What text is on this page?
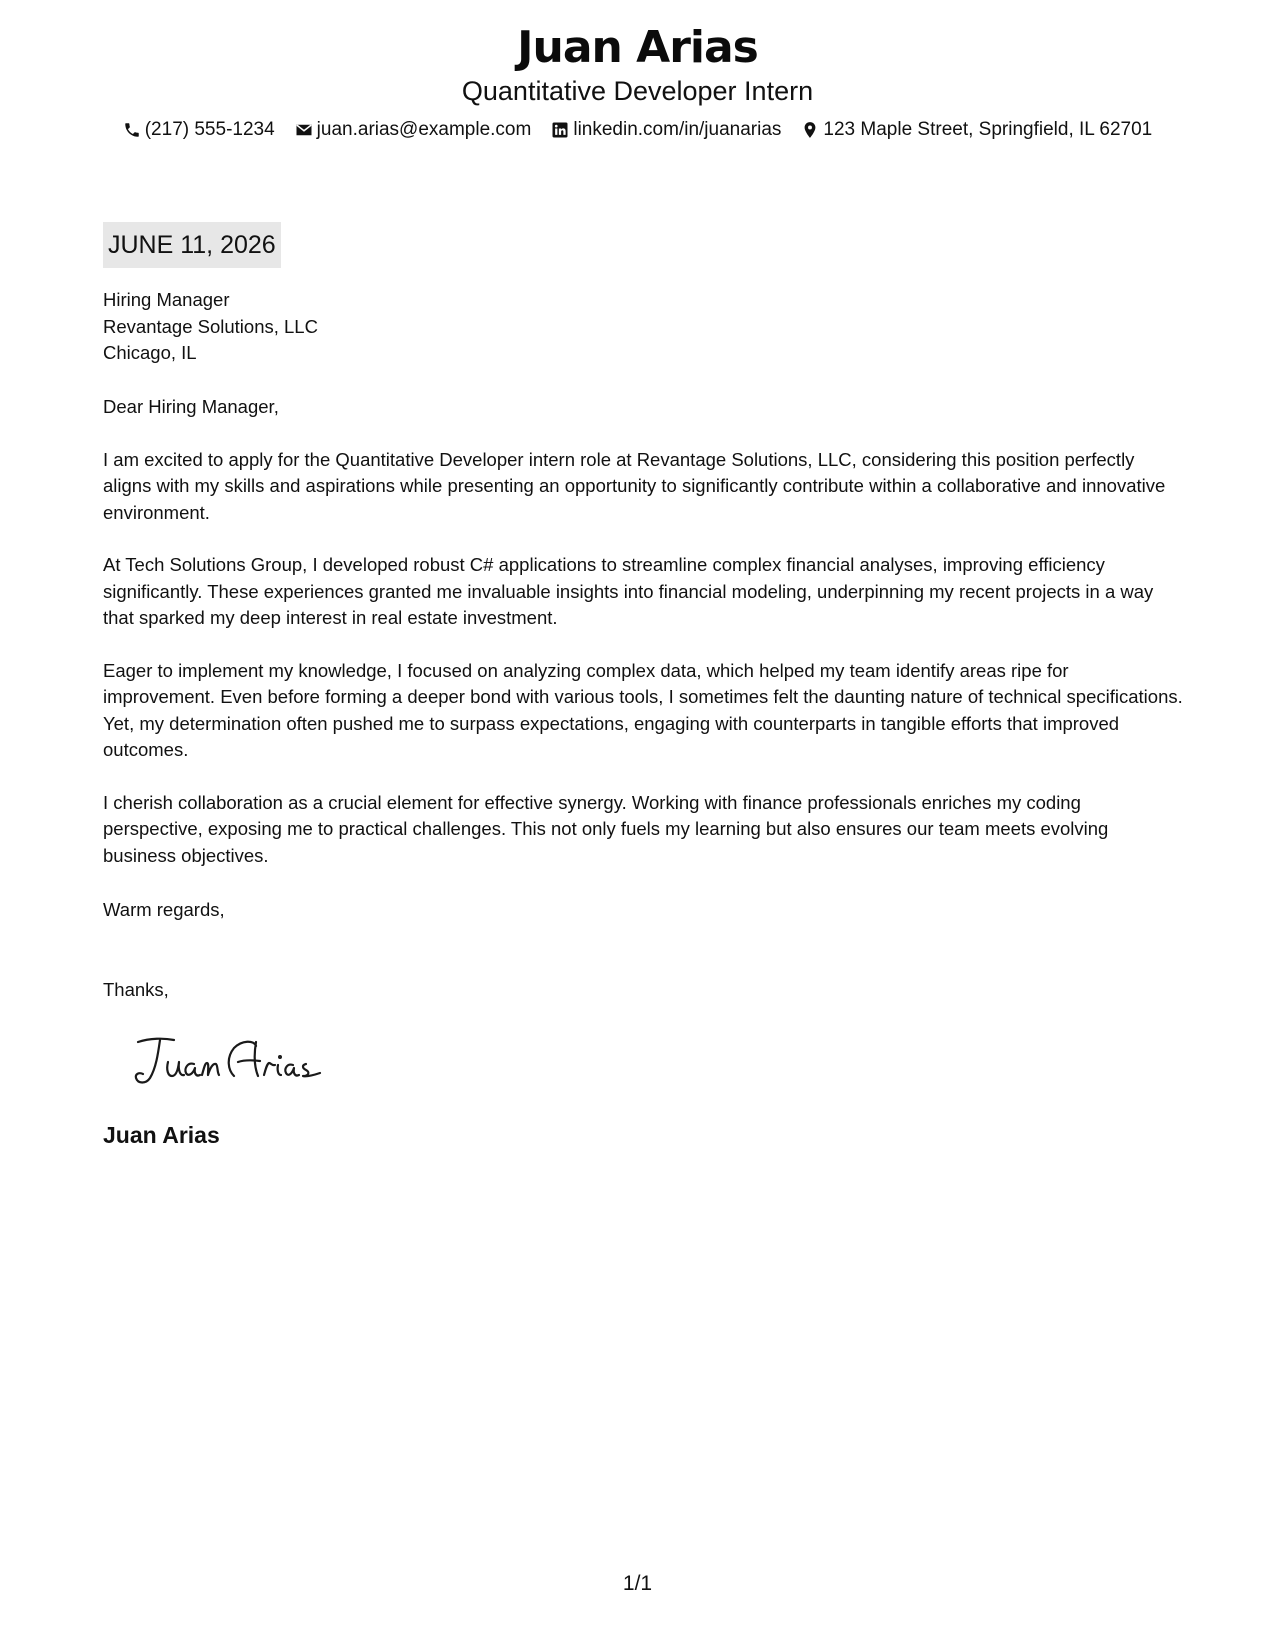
Juan Arias
Quantitative Developer Intern
(217) 555-1234 juan.arias@example.com linkedin.com/in/juanarias 123 Maple Street, Springfield, IL 62701
JUNE 11, 2026
Hiring Manager
Revantage Solutions, LLC
Chicago, IL

Dear Hiring Manager,

I am excited to apply for the Quantitative Developer intern role at Revantage Solutions, LLC, considering this position perfectly aligns with my skills and aspirations while presenting an opportunity to significantly contribute within a collaborative and innovative environment.

At Tech Solutions Group, I developed robust C# applications to streamline complex financial analyses, improving efficiency significantly. These experiences granted me invaluable insights into financial modeling, underpinning my recent projects in a way that sparked my deep interest in real estate investment.

Eager to implement my knowledge, I focused on analyzing complex data, which helped my team identify areas ripe for improvement. Even before forming a deeper bond with various tools, I sometimes felt the daunting nature of technical specifications. Yet, my determination often pushed me to surpass expectations, engaging with counterparts in tangible efforts that improved outcomes.

I cherish collaboration as a crucial element for effective synergy. Working with finance professionals enriches my coding perspective, exposing me to practical challenges. This not only fuels my learning but also ensures our team meets evolving business objectives.

Warm regards,
Thanks,
Juan Arias
1/1
